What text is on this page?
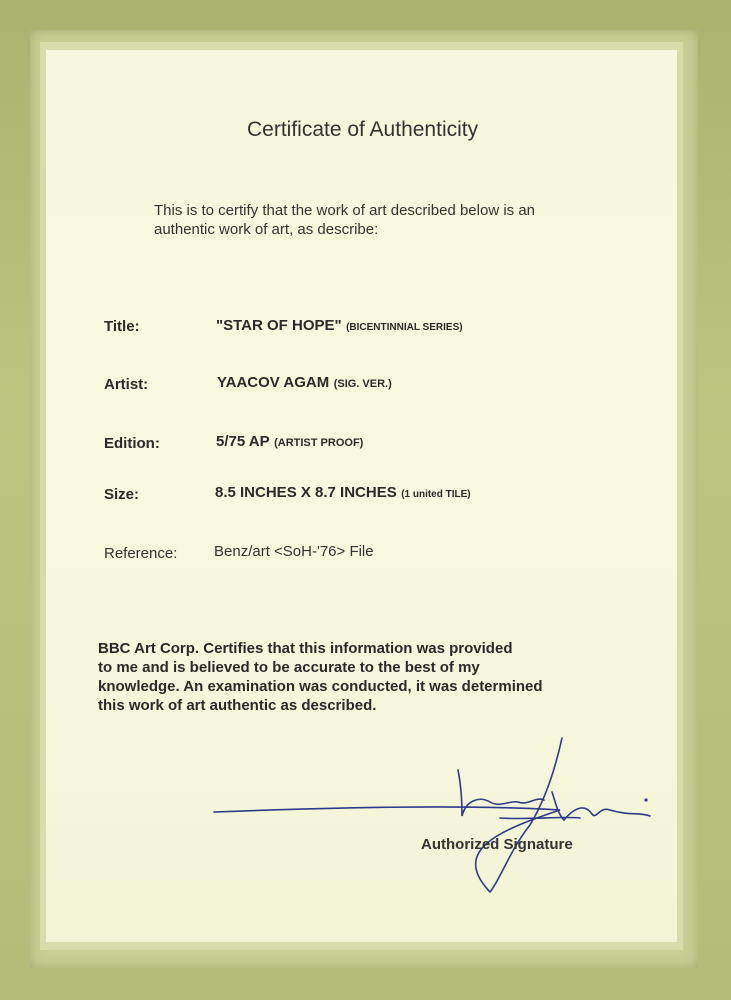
Certificate of Authenticity
This is to certify that the work of art described below is an
authentic work of art, as describe:
Title:	"STAR OF HOPE" (BICENTINNIAL SERIES)
Artist:	YAACOV AGAM (SIG. VER.)
Edition:	5/75 AP (ARTIST PROOF)
Size:	8.5 INCHES X 8.7 INCHES (1 united TILE)
Reference: Benz/art <SoH-'76> File
BBC Art Corp. Certifies that this information was provided
to me and is believed to be accurate to the best of my
knowledge. An examination was conducted, it was determined
this work of art authentic as described.
Authorized Signature
